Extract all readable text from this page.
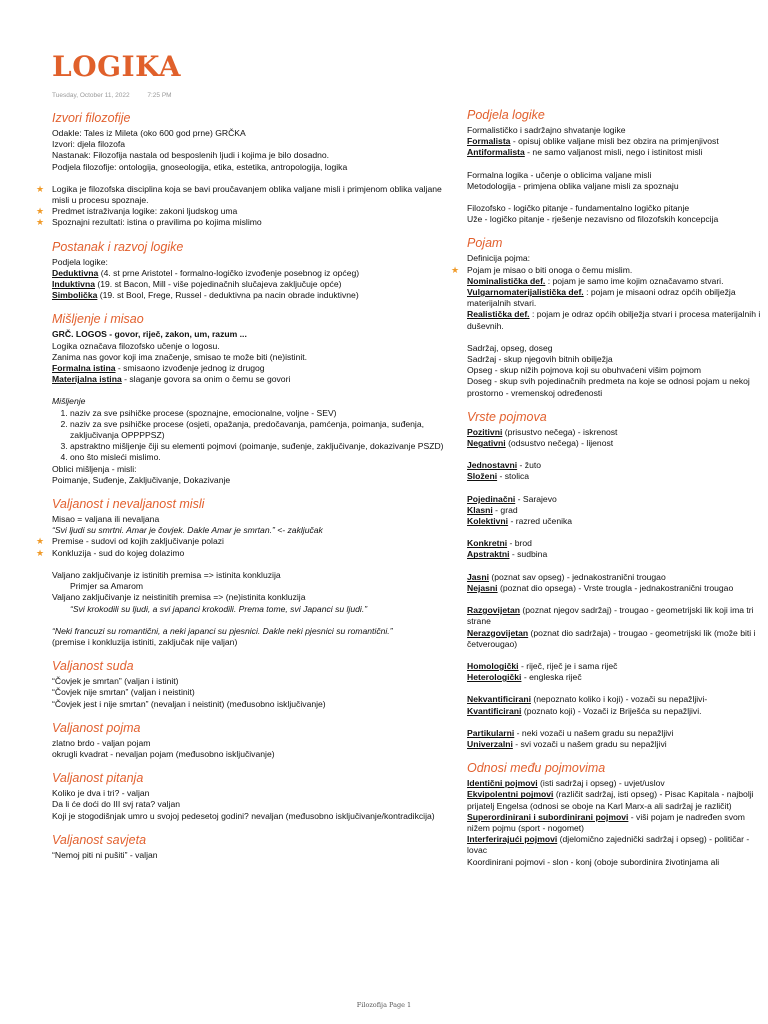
LOGIKA
Tuesday, October 11, 2022	7:25 PM
Izvori filozofije
Odakle: Tales iz Mileta (oko 600 god prne) GRČKA
Izvori: djela filozofa
Nastanak: Filozofija nastala od besposlenih ljudi i kojima je bilo dosadno.
Podjela filozofije: ontologija, gnoseologija, etika, estetika, antropologija, logika
★ Logika je filozofska disciplina koja se bavi proučavanjem oblika valjane misli i primjenom oblika valjane misli u procesu spoznaje.
★ Predmet istraživanja logike: zakoni ljudskog uma
★ Spoznajni rezultati: istina o pravilima po kojima mislimo
Postanak i razvoj logike
Podjela logike:
Deduktivna (4. st prne Aristotel - formalno-logičko izvođenje posebnog iz općeg)
Induktivna (19. st Bacon, Mill - više pojedinačnih slučajeva zaključuje opće)
Simbolička (19. st Bool, Frege, Russel - deduktivna pa nacin obrade induktivne)
Mišljenje i misao
GRČ. LOGOS - govor, riječ, zakon, um, razum ...
Logika označava filozofsko učenje o logosu.
Zanima nas govor koji ima značenje, smisao te može biti (ne)istinit.
Formalna istina - smisaono izvođenje jednog iz drugog
Materijalna istina - slaganje govora sa onim o čemu se govori
Mišljenje
1. naziv za sve psihičke procese (spoznajne, emocionalne, voljne - SEV)
2. naziv za sve psihičke procese (osjeti, opažanja, predočavanja, pamćenja, poimanja, suđenja, zaključivanja OPPPPSZ)
3. apstraktno mišljenje čiji su elementi pojmovi (poimanje, suđenje, zaključivanje, dokazivanje PSZD)
4. ono što misleći mislimo.
Oblici mišljenja - misli:
Poimanje, Suđenje, Zaključivanje, Dokazivanje
Valjanost i nevaljanost misli
Misao = valjana ili nevaljana
“Svi ljudi su smrtni. Amar je čovjek. Dakle Amar je smrtan.” <- zaključak
★ Premise - sudovi od kojih zaključivanje polazi
★ Konkluzija - sud do kojeg dolazimo
Valjano zaključivanje iz istinitih premisa => istinita konkluzija
Primjer sa Amarom
Valjano zaključivanje iz neistinitih premisa => (ne)istinita konkluzija
“Svi krokodili su ljudi, a svi japanci krokodili. Prema tome, svi Japanci su ljudi.”
“Neki francuzi su romantični, a neki japanci su pjesnici. Dakle neki pjesnici su romantični.”
(premise i konkluzija istiniti, zaključak nije valjan)
Valjanost suda
“Čovjek je smrtan” (valjan i istinit)
“Čovjek nije smrtan” (valjan i neistinit)
“Čovjek jest i nije smrtan” (nevaljan i neistinit) (međusobno isključivanje)
Valjanost pojma
zlatno brdo - valjan pojam
okrugli kvadrat - nevaljan pojam (međusobno isključivanje)
Valjanost pitanja
Koliko je dva i tri? - valjan
Da li će doći do III svj rata? valjan
Koji je stogodišnjak umro u svojoj pedesetoj godini? nevaljan (međusobno isključivanje/kontradikcija)
Valjanost savjeta
“Nemoj piti ni pušiti” - valjan
Podjela logike
Formalističko i sadržajno shvatanje logike
Formalista - opisuj oblike valjane misli bez obzira na primjenjivost
Antiformalista - ne samo valjanost misli, nego i istinitost misli
Formalna logika - učenje o oblicima valjane misli
Metodologija - primjena oblika valjane misli za spoznaju
Filozofsko - logičko pitanje - fundamentalno logičko pitanje
Uže - logičko pitanje - rješenje nezavisno od filozofskih koncepcija
Pojam
Definicija pojma:
★ Pojam je misao o biti onoga o čemu mislim.
Nominalistička def. : pojam je samo ime kojim označavamo stvari.
Vulgarnomaterijalistička def. : pojam je misaoni odraz općih obilježja materijalnih stvari.
Realistička def. : pojam je odraz općih obilježja stvari i procesa materijalnih i duševnih.
Sadržaj, opseg, doseg
Sadržaj - skup njegovih bitnih obilježja
Opseg - skup nižih pojmova koji su obuhvaćeni višim pojmom
Doseg - skup svih pojedinačnih predmeta na koje se odnosi pojam u nekoj prostorno - vremenskoj određenosti
Vrste pojmova
Pozitivni (prisustvo nečega) - iskrenost
Negativni (odsustvo nečega) - lijenost
Jednostavni - žuto
Složeni - stolica
Pojedinačni - Sarajevo
Klasni - grad
Kolektivni - razred učenika
Konkretni - brod
Apstraktni - sudbina
Jasni (poznat sav opseg) - jednakostranični trougao
Nejasni (poznat dio opsega) - Vrste trougla - jednakostranični trougao
Razgovijetan (poznat njegov sadržaj) - trougao - geometrijski lik koji ima tri strane
Nerazgovijetan (poznat dio sadržaja) - trougao - geometrijski lik (može biti i četverougao)
Homologički - riječ, riječ je i sama riječ
Heterologički - engleska riječ
Nekvantificirani (nepoznato koliko i koji) - vozači su nepažljivi-
Kvantificirani (poznato koji) - Vozači iz Briješća su nepažljivi.
Partikularni - neki vozači u našem gradu su nepažljivi
Univerzalni - svi vozači u našem gradu su nepažljivi
Odnosi među pojmovima
Identični pojmovi (isti sadržaj i opseg) - uvjet/uslov
Ekvipolentni pojmovi (različit sadržaj, isti opseg) - Pisac Kapitala - najbolji prijatelj Engelsa (odnosi se oboje na Karl Marx-a ali sadržaj je različit)
Superordinirani i subordinirani pojmovi - viši pojam je nadređen svom nižem pojmu (sport - nogomet)
Interferirajući pojmovi (djelomično zajednički sadržaj i opseg) - političar - lovac
Koordinirani pojmovi - slon - konj (oboje subordinira životinjama ali
Filozofija Page 1
